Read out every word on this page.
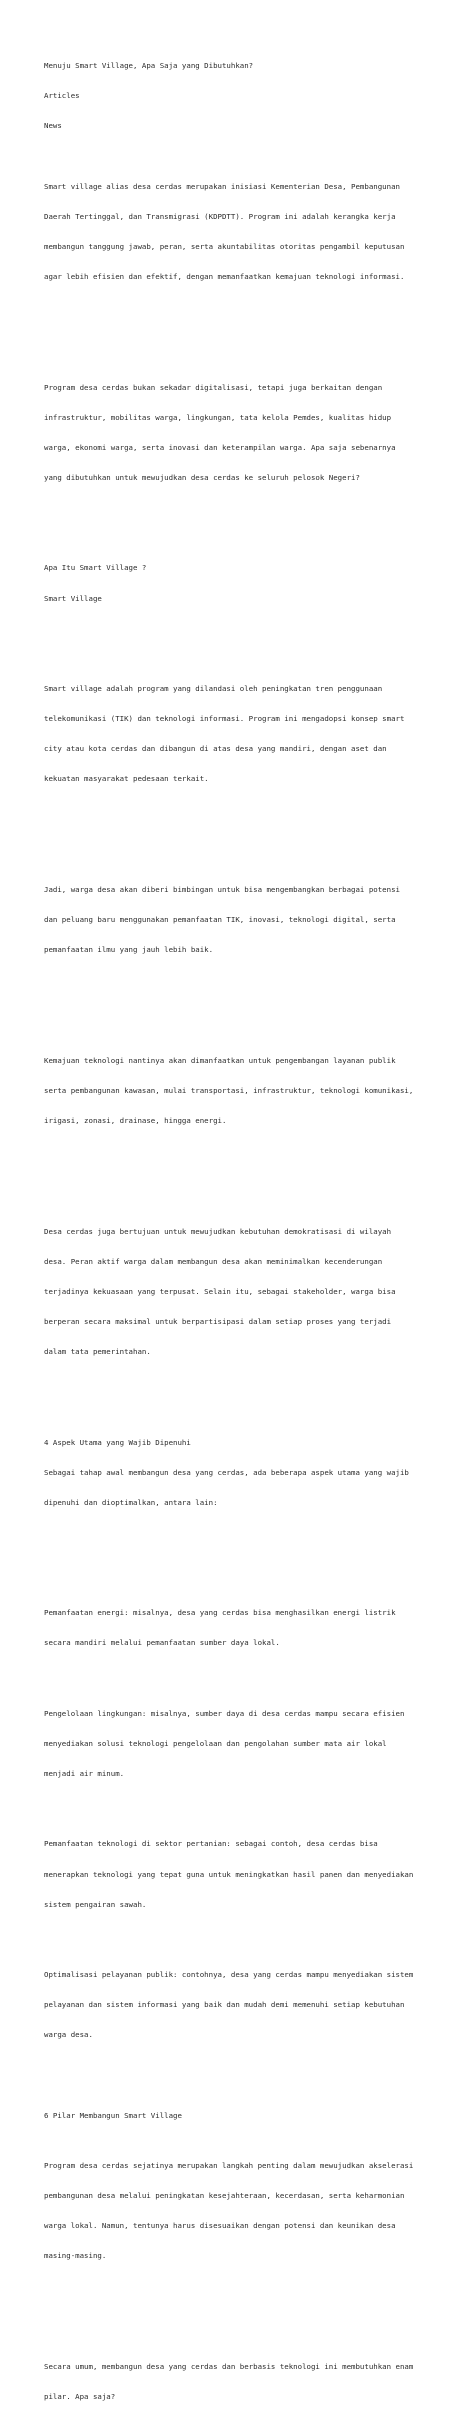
Menuju Smart Village, Apa Saja yang Dibutuhkan?

Articles

News

Smart village alias desa cerdas merupakan inisiasi Kementerian Desa, Pembangunan

Daerah Tertinggal, dan Transmigrasi (KDPDTT). Program ini adalah kerangka kerja

membangun tanggung jawab, peran, serta akuntabilitas otoritas pengambil keputusan

agar lebih efisien dan efektif, dengan memanfaatkan kemajuan teknologi informasi.

Program desa cerdas bukan sekadar digitalisasi, tetapi juga berkaitan dengan

infrastruktur, mobilitas warga, lingkungan, tata kelola Pemdes, kualitas hidup

warga, ekonomi warga, serta inovasi dan keterampilan warga. Apa saja sebenarnya

yang dibutuhkan untuk mewujudkan desa cerdas ke seluruh pelosok Negeri?

Apa Itu Smart Village ?

Smart Village

Smart village adalah program yang dilandasi oleh peningkatan tren penggunaan

telekomunikasi (TIK) dan teknologi informasi. Program ini mengadopsi konsep smart

city atau kota cerdas dan dibangun di atas desa yang mandiri, dengan aset dan

kekuatan masyarakat pedesaan terkait.

Jadi, warga desa akan diberi bimbingan untuk bisa mengembangkan berbagai potensi

dan peluang baru menggunakan pemanfaatan TIK, inovasi, teknologi digital, serta

pemanfaatan ilmu yang jauh lebih baik.

Kemajuan teknologi nantinya akan dimanfaatkan untuk pengembangan layanan publik

serta pembangunan kawasan, mulai transportasi, infrastruktur, teknologi komunikasi,

irigasi, zonasi, drainase, hingga energi.

Desa cerdas juga bertujuan untuk mewujudkan kebutuhan demokratisasi di wilayah

desa. Peran aktif warga dalam membangun desa akan meminimalkan kecenderungan

terjadinya kekuasaan yang terpusat. Selain itu, sebagai stakeholder, warga bisa

berperan secara maksimal untuk berpartisipasi dalam setiap proses yang terjadi

dalam tata pemerintahan.

4 Aspek Utama yang Wajib Dipenuhi

Sebagai tahap awal membangun desa yang cerdas, ada beberapa aspek utama yang wajib

dipenuhi dan dioptimalkan, antara lain:

Pemanfaatan energi: misalnya, desa yang cerdas bisa menghasilkan energi listrik

secara mandiri melalui pemanfaatan sumber daya lokal.

Pengelolaan lingkungan: misalnya, sumber daya di desa cerdas mampu secara efisien

menyediakan solusi teknologi pengelolaan dan pengolahan sumber mata air lokal

menjadi air minum.

Pemanfaatan teknologi di sektor pertanian: sebagai contoh, desa cerdas bisa

menerapkan teknologi yang tepat guna untuk meningkatkan hasil panen dan menyediakan

sistem pengairan sawah.

Optimalisasi pelayanan publik: contohnya, desa yang cerdas mampu menyediakan sistem

pelayanan dan sistem informasi yang baik dan mudah demi memenuhi setiap kebutuhan

warga desa.

6 Pilar Membangun Smart Village

Program desa cerdas sejatinya merupakan langkah penting dalam mewujudkan akselerasi

pembangunan desa melalui peningkatan kesejahteraan, kecerdasan, serta keharmonian

warga lokal. Namun, tentunya harus disesuaikan dengan potensi dan keunikan desa

masing-masing.

Secara umum, membangun desa yang cerdas dan berbasis teknologi ini membutuhkan enam

pilar. Apa saja?
